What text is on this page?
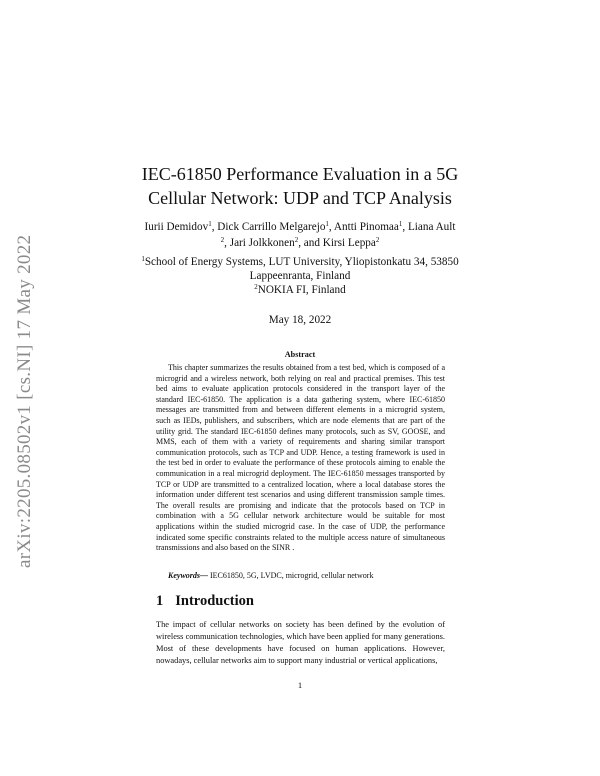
arXiv:2205.08502v1 [cs.NI] 17 May 2022
IEC-61850 Performance Evaluation in a 5G
Cellular Network: UDP and TCP Analysis
Iurii Demidov$^1$, Dick Carrillo Melgarejo$^1$, Antti Pinomaa$^1$, Liana Ault
$^2$, Jari Jolkkonen$^2$, and Kirsi Leppa$^2$
$^1$School of Energy Systems, LUT University, Yliopistonkatu 34, 53850 Lappeenranta, Finland
$^2$NOKIA FI, Finland
May 18, 2022
Abstract
This chapter summarizes the results obtained from a test bed, which is composed of a microgrid and a wireless network, both relying on real and practical premises. This test bed aims to evaluate application protocols considered in the transport layer of the standard IEC-61850. The application is a data gathering system, where IEC-61850 messages are transmitted from and between different elements in a microgrid system, such as IEDs, publishers, and subscribers, which are node elements that are part of the utility grid. The standard IEC-61850 defines many protocols, such as SV, GOOSE, and MMS, each of them with a variety of requirements and sharing similar transport communication protocols, such as TCP and UDP. Hence, a testing framework is used in the test bed in order to evaluate the performance of these protocols aiming to enable the communication in a real microgrid deployment. The IEC-61850 messages transported by TCP or UDP are transmitted to a centralized location, where a local database stores the information under different test scenarios and using different transmission sample times. The overall results are promising and indicate that the protocols based on TCP in combination with a 5G cellular network architecture would be suitable for most applications within the studied microgrid case. In the case of UDP, the performance indicated some specific constraints related to the multiple access nature of simultaneous transmissions and also based on the SINR .
Keywords— IEC61850, 5G, LVDC, microgrid, cellular network
1 Introduction
The impact of cellular networks on society has been defined by the evolution of wireless communication technologies, which have been applied for many generations. Most of these developments have focused on human applications. However, nowadays, cellular networks aim to support many industrial or vertical applications,
1
